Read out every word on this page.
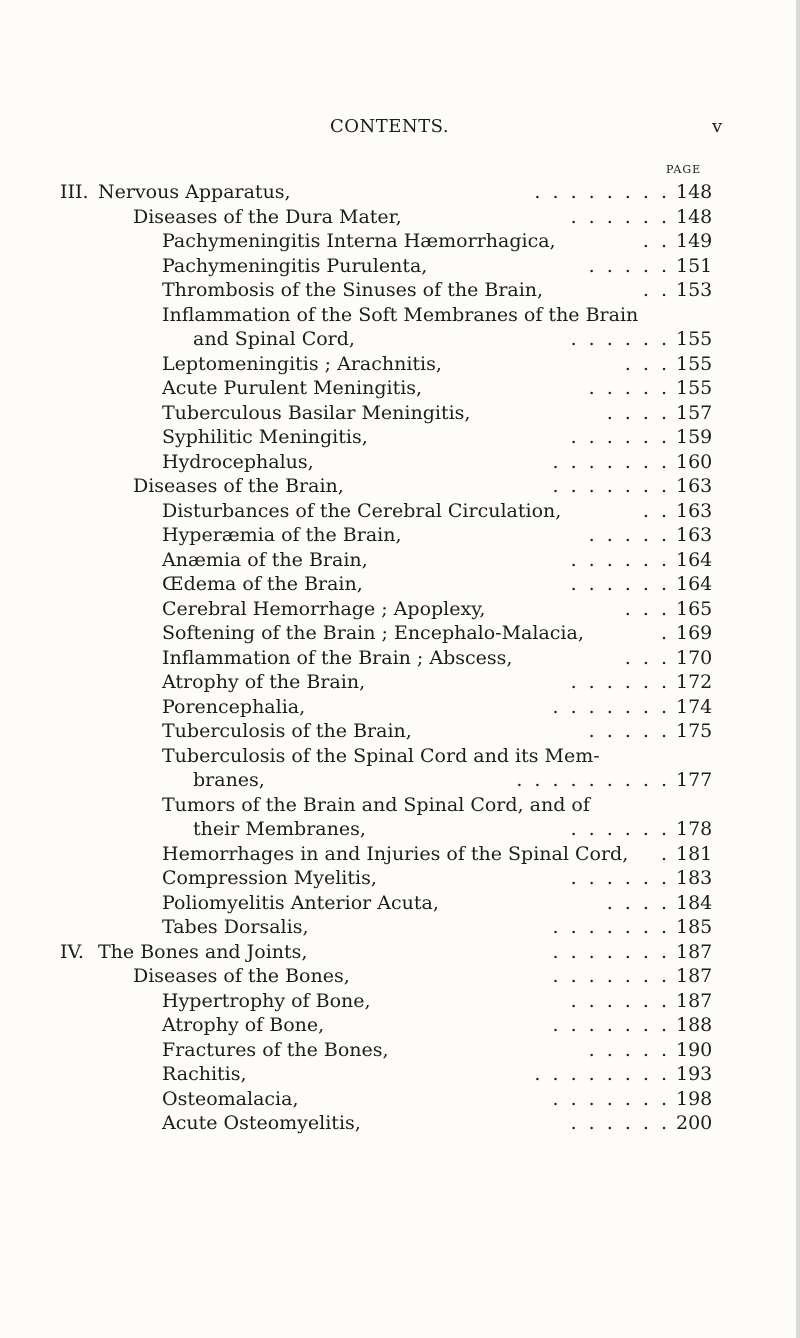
CONTENTS.	v
PAGE
III. Nervous Apparatus,	. . . . . . . . 148
Diseases of the Dura Mater,	. . . . . . 148
Pachymeningitis Interna Hæmorrhagica,	. . 149
Pachymeningitis Purulenta,	. . . . . 151
Thrombosis of the Sinuses of the Brain,	. . 153
Inflammation of the Soft Membranes of the Brain
and Spinal Cord,	. . . . . . 155
Leptomeningitis ; Arachnitis,	. . . 155
Acute Purulent Meningitis,	. . . . . 155
Tuberculous Basilar Meningitis,	. . . . 157
Syphilitic Meningitis,	. . . . . . 159
Hydrocephalus,	. . . . . . . 160
Diseases of the Brain,	. . . . . . . 163
Disturbances of the Cerebral Circulation,	. . 163
Hyperæmia of the Brain,	. . . . . 163
Anæmia of the Brain,	. . . . . . 164
Œdema of the Brain,	. . . . . . 164
Cerebral Hemorrhage ; Apoplexy,	. . . 165
Softening of the Brain ; Encephalo-Malacia,	. 169
Inflammation of the Brain ; Abscess,	. . . 170
Atrophy of the Brain,	. . . . . . 172
Porencephalia,	. . . . . . . 174
Tuberculosis of the Brain,	. . . . . 175
Tuberculosis of the Spinal Cord and its Mem-
branes,	. . . . . . . . . 177
Tumors of the Brain and Spinal Cord, and of
their Membranes,	. . . . . . 178
Hemorrhages in and Injuries of the Spinal Cord, . 181
Compression Myelitis,	. . . . . . 183
Poliomyelitis Anterior Acuta,	. . . . 184
Tabes Dorsalis,	. . . . . . . 185
IV. The Bones and Joints,	. . . . . . . 187
Diseases of the Bones,	. . . . . . . 187
Hypertrophy of Bone,	. . . . . . 187
Atrophy of Bone,	. . . . . . . 188
Fractures of the Bones,	. . . . . 190
Rachitis,	. . . . . . . . 193
Osteomalacia,	. . . . . . . 198
Acute Osteomyelitis,	. . . . . . 200
